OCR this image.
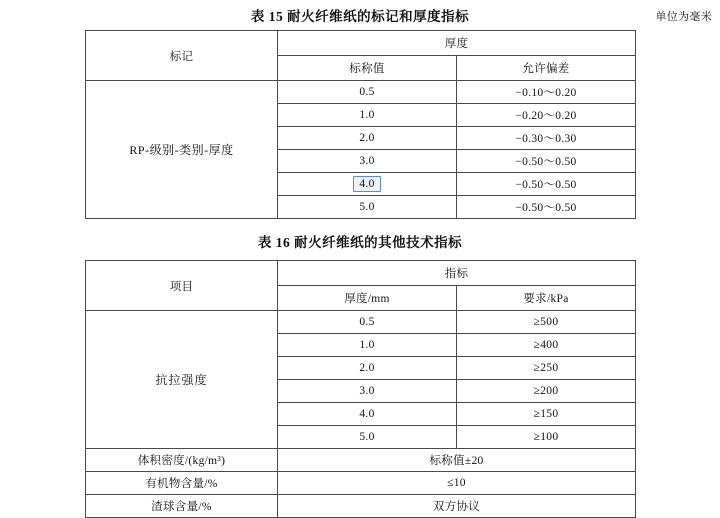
表 15 耐火纤维纸的标记和厚度指标	单位为毫米
标记	厚度	
	标称值	允许偏差
RP-级别-类别-厚度	0.5	−0.10～0.20
	1.0	−0.20～0.20
	2.0	−0.30～0.30
	3.0	−0.50～0.50
	4.0	−0.50～0.50
	5.0	−0.50～0.50
表 16 耐火纤维纸的其他技术指标
项目	指标	
	厚度/mm	要求/kPa
抗拉强度	0.5	≥500
	1.0	≥400
	2.0	≥250
	3.0	≥200
	4.0	≥150
	5.0	≥100
体积密度/(kg/m³)	标称值±20	
有机物含量/%	≤10	
渣球含量/%	双方协议	
